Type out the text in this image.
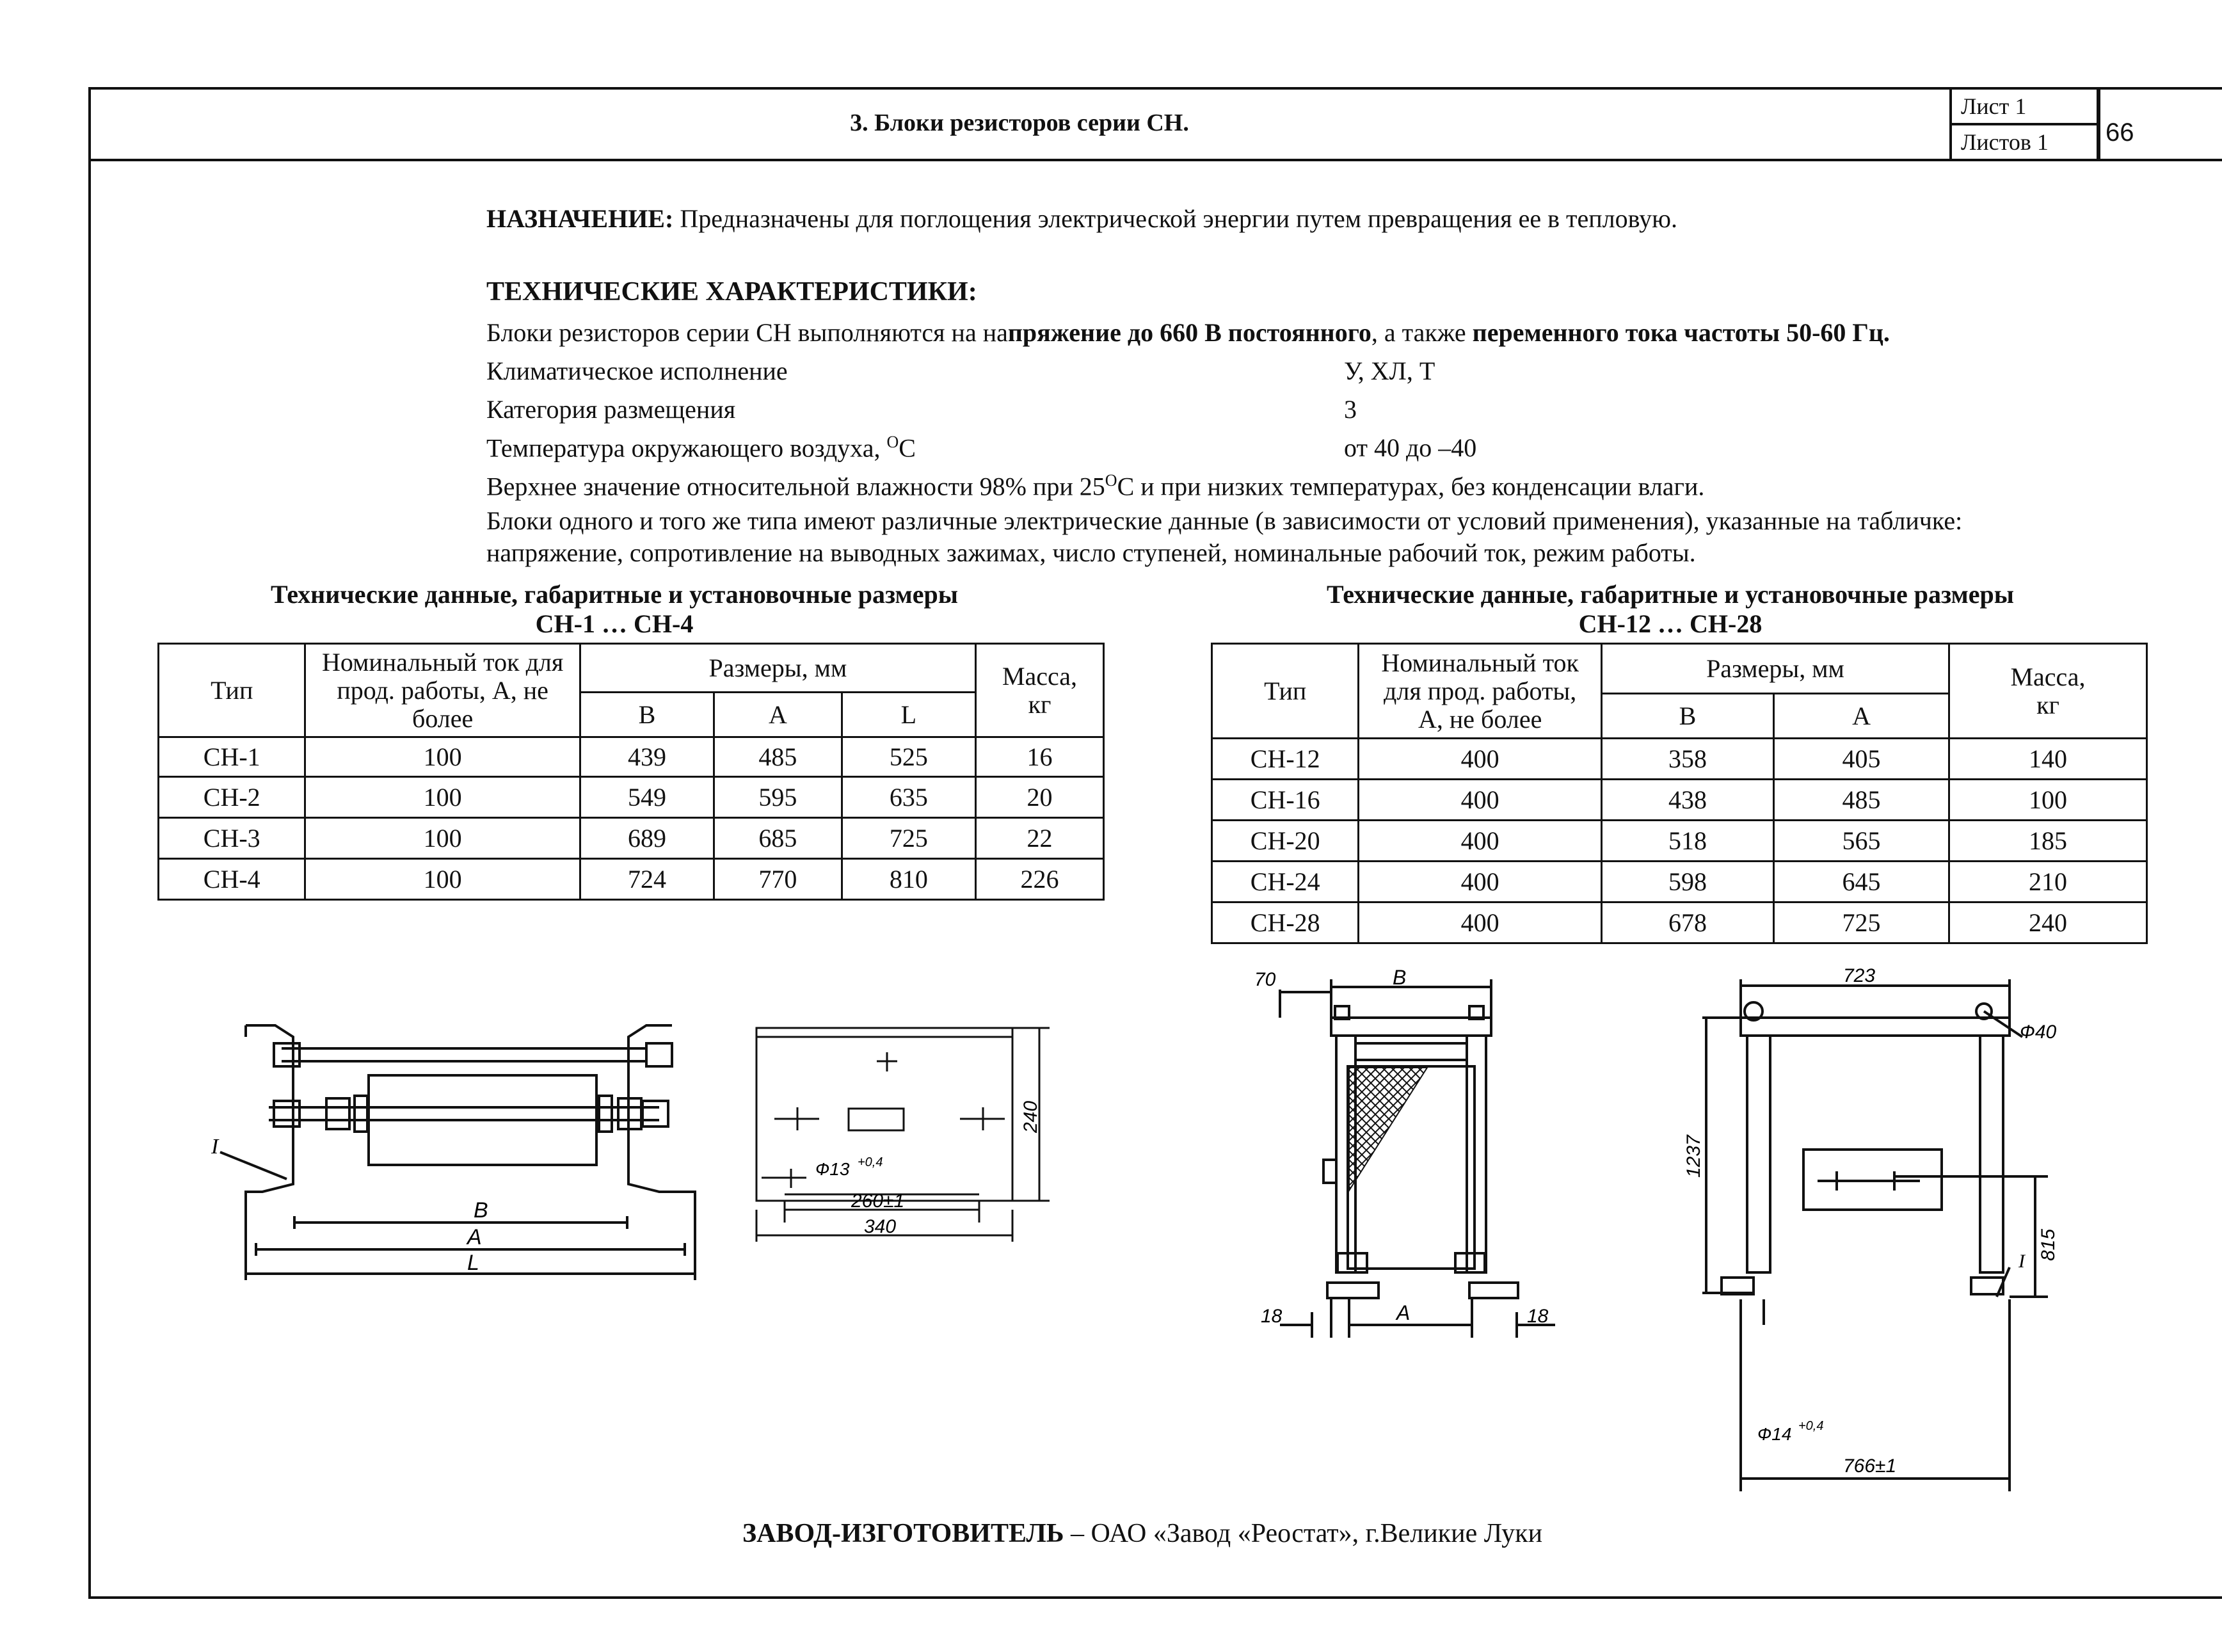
3. Блоки резисторов серии СН.
Лист 1
Листов 1 66
НАЗНАЧЕНИЕ: Предназначены для поглощения электрической энергии путем превращения ее в тепловую.
ТЕХНИЧЕСКИЕ ХАРАКТЕРИСТИКИ:
Блоки резисторов серии СН выполняются на напряжение до 660 В постоянного, а также переменного тока частоты 50-60 Гц.
Климатическое исполнение	У, ХЛ, Т
Категория размещения	3
Температура окружающего воздуха, $^O$C	от 40 до –40
Верхнее значение относительной влажности 98% при $25^OC$ и при низких температурах, без конденсации влаги.
Блоки одного и того же типа имеют различные электрические данные (в зависимости от условий применения), указанные на табличке:
напряжение, сопротивление на выводных зажимах, число ступеней, номинальные рабочий ток, режим работы.
Технические данные, габаритные и установочные размеры
СН-1 … СН-4
Тип	Номинальный ток для прод. работы, А, не более	Размеры, мм			Масса, кг
		B	A	L	
СН-1	100	439	485	525	16
СН-2	100	549	595	635	20
СН-3	100	689	685	725	22
СН-4	100	724	770	810	226
Технические данные, габаритные и установочные размеры
СН-12 … СН-28
Тип	Номинальный ток для прод. работы, А, не более	Размеры, мм		Масса, кг
		B	A	
СН-12	400	358	405	140
СН-16	400	438	485	100
СН-20	400	518	565	185
СН-24	400	598	645	210
СН-28	400	678	725	240
I
B
A
L
240
Ф13 +0,4
260±1
340
70	B
A
18	18
723
Ф40
1237
815
I
Ф14 +0,4
766±1
ЗАВОД-ИЗГОТОВИТЕЛЬ – ОАО «Завод «Реостат», г.Великие Луки
